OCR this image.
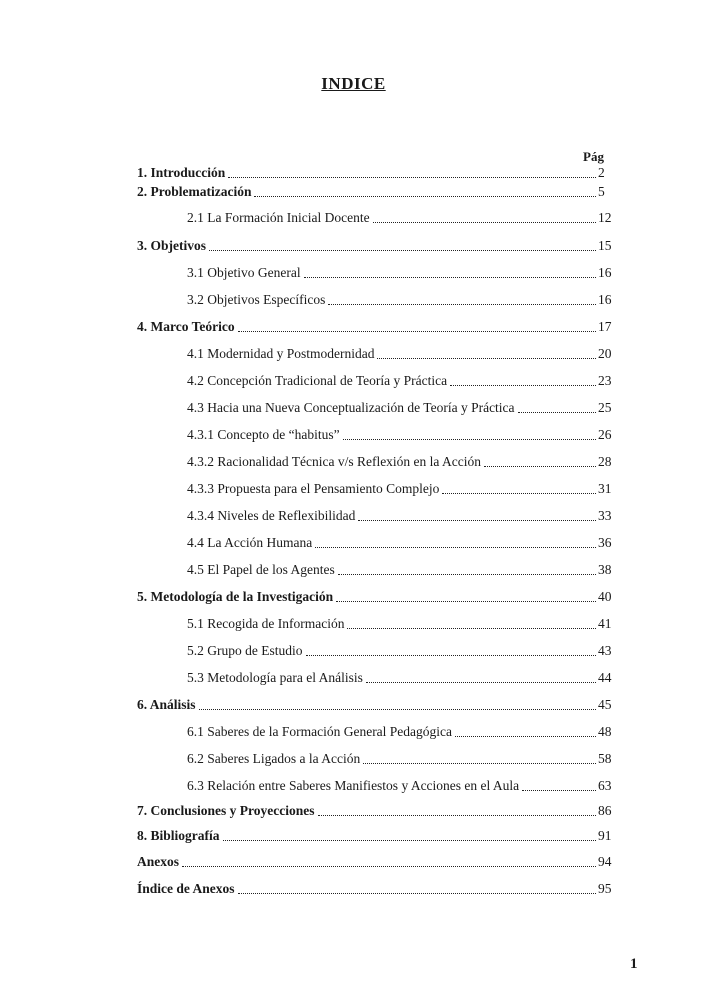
INDICE
Pág
1. Introducción	2
2. Problematización	5
2.1 La Formación Inicial Docente	12
3. Objetivos	15
3.1 Objetivo General	16
3.2 Objetivos Específicos	16
4. Marco Teórico	17
4.1 Modernidad y Postmodernidad	20
4.2 Concepción Tradicional de Teoría y Práctica	23
4.3 Hacia una Nueva Conceptualización de Teoría y Práctica	25
4.3.1 Concepto de “habitus”	26
4.3.2 Racionalidad Técnica v/s Reflexión en la Acción	28
4.3.3 Propuesta para el Pensamiento Complejo	31
4.3.4 Niveles de Reflexibilidad	33
4.4 La Acción Humana	36
4.5 El Papel de los Agentes	38
5. Metodología de la Investigación	40
5.1 Recogida de Información	41
5.2 Grupo de Estudio	43
5.3 Metodología para el Análisis	44
6. Análisis	45
6.1 Saberes de la Formación General Pedagógica	48
6.2 Saberes Ligados a la Acción	58
6.3 Relación entre Saberes Manifiestos y Acciones en el Aula	63
7. Conclusiones y Proyecciones	86
8. Bibliografía	91
Anexos	94
Índice de Anexos	95
1
